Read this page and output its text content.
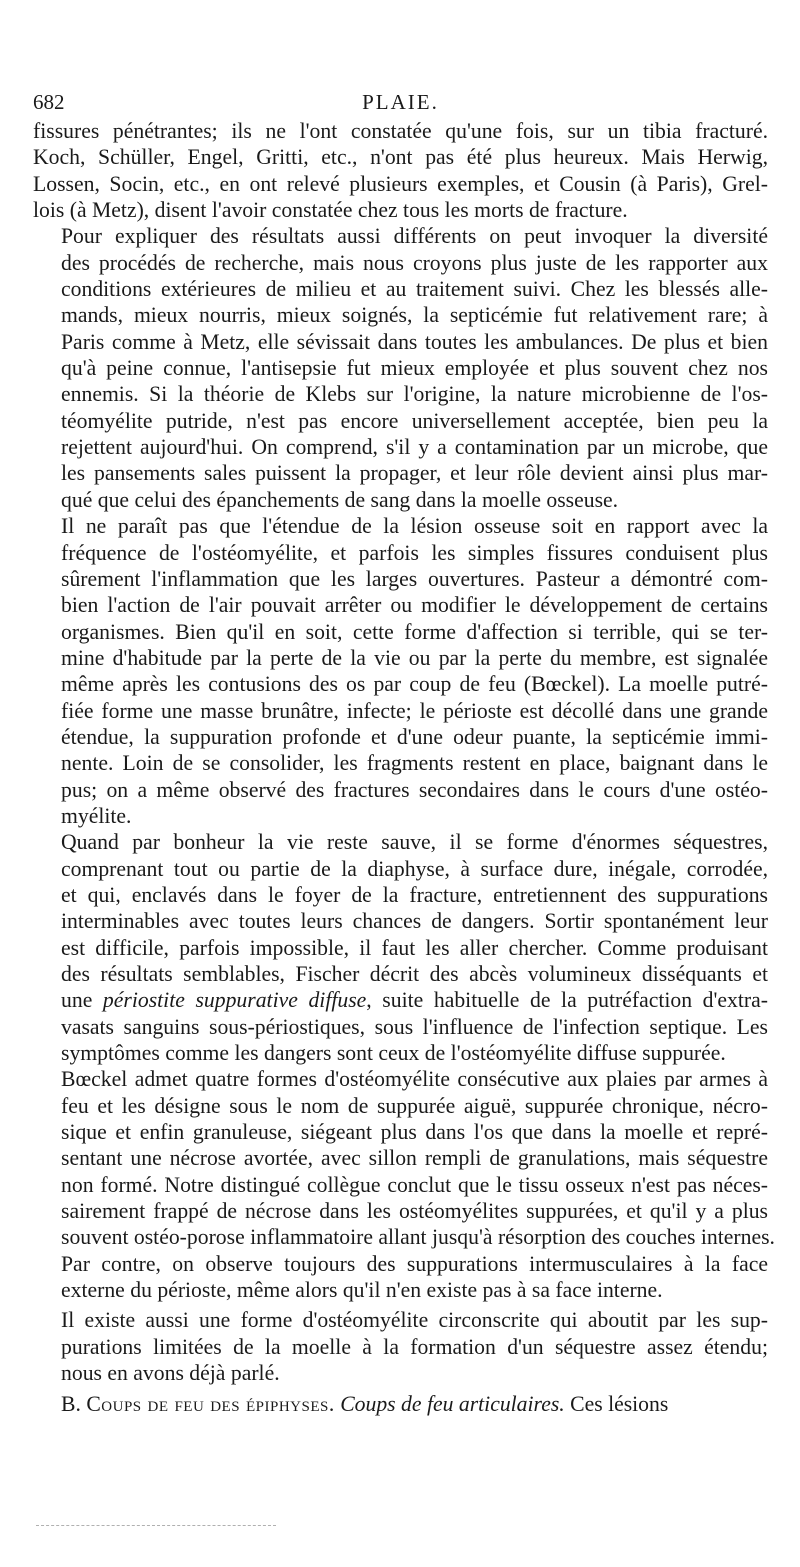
682	PLAIE.

fissures pénétrantes; ils ne l'ont constatée qu'une fois, sur un tibia fracturé.
Koch, Schüller, Engel, Gritti, etc., n'ont pas été plus heureux. Mais Herwig,
Lossen, Socin, etc., en ont relevé plusieurs exemples, et Cousin (à Paris), Grel-
lois (à Metz), disent l'avoir constatée chez tous les morts de fracture.

Pour expliquer des résultats aussi différents on peut invoquer la diversité
des procédés de recherche, mais nous croyons plus juste de les rapporter aux
conditions extérieures de milieu et au traitement suivi. Chez les blessés alle-
mands, mieux nourris, mieux soignés, la septicémie fut relativement rare; à
Paris comme à Metz, elle sévissait dans toutes les ambulances. De plus et bien
qu'à peine connue, l'antisepsie fut mieux employée et plus souvent chez nos
ennemis. Si la théorie de Klebs sur l'origine, la nature microbienne de l'os-
téomyélite putride, n'est pas encore universellement acceptée, bien peu la
rejettent aujourd'hui. On comprend, s'il y a contamination par un microbe, que
les pansements sales puissent la propager, et leur rôle devient ainsi plus mar-
qué que celui des épanchements de sang dans la moelle osseuse.

Il ne paraît pas que l'étendue de la lésion osseuse soit en rapport avec la
fréquence de l'ostéomyélite, et parfois les simples fissures conduisent plus
sûrement l'inflammation que les larges ouvertures. Pasteur a démontré com-
bien l'action de l'air pouvait arrêter ou modifier le développement de certains
organismes. Bien qu'il en soit, cette forme d'affection si terrible, qui se ter-
mine d'habitude par la perte de la vie ou par la perte du membre, est signalée
même après les contusions des os par coup de feu (Bœckel). La moelle putré-
fiée forme une masse brunâtre, infecte; le périoste est décollé dans une grande
étendue, la suppuration profonde et d'une odeur puante, la septicémie immi-
nente. Loin de se consolider, les fragments restent en place, baignant dans le
pus; on a même observé des fractures secondaires dans le cours d'une ostéo-
myélite.

Quand par bonheur la vie reste sauve, il se forme d'énormes séquestres,
comprenant tout ou partie de la diaphyse, à surface dure, inégale, corrodée,
et qui, enclavés dans le foyer de la fracture, entretiennent des suppurations
interminables avec toutes leurs chances de dangers. Sortir spontanément leur
est difficile, parfois impossible, il faut les aller chercher. Comme produisant
des résultats semblables, Fischer décrit des abcès volumineux disséquants et
une périostite suppurative diffuse, suite habituelle de la putréfaction d'extra-
vasats sanguins sous-périostiques, sous l'influence de l'infection septique. Les
symptômes comme les dangers sont ceux de l'ostéomyélite diffuse suppurée.

Bœckel admet quatre formes d'ostéomyélite consécutive aux plaies par armes à
feu et les désigne sous le nom de suppurée aiguë, suppurée chronique, nécro-
sique et enfin granuleuse, siégeant plus dans l'os que dans la moelle et repré-
sentant une nécrose avortée, avec sillon rempli de granulations, mais séquestre
non formé. Notre distingué collègue conclut que le tissu osseux n'est pas néces-
sairement frappé de nécrose dans les ostéomyélites suppurées, et qu'il y a plus
souvent ostéo-porose inflammatoire allant jusqu'à résorption des couches internes.
Par contre, on observe toujours des suppurations intermusculaires à la face
externe du périoste, même alors qu'il n'en existe pas à sa face interne.

Il existe aussi une forme d'ostéomyélite circonscrite qui aboutit par les sup-
purations limitées de la moelle à la formation d'un séquestre assez étendu;
nous en avons déjà parlé.

B. Coups de feu des épiphyses. Coups de feu articulaires. Ces lésions
